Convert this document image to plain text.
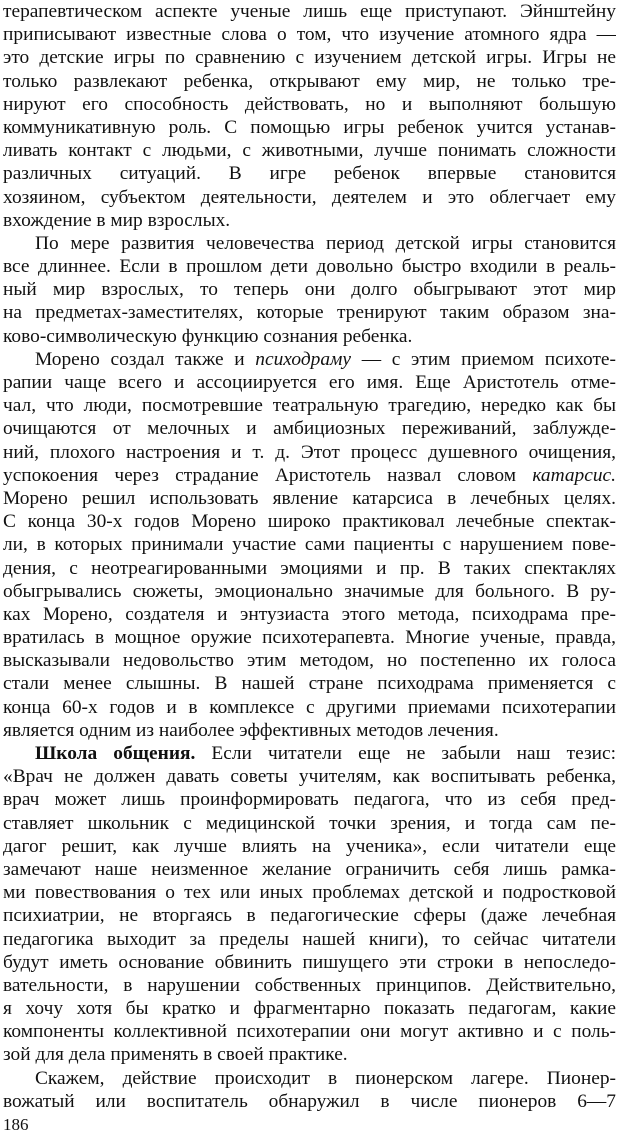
терапевтическом аспекте ученые лишь еще приступают. Эйнштейну
приписывают известные слова о том, что изучение атомного ядра —
это детские игры по сравнению с изучением детской игры. Игры не
только развлекают ребенка, открывают ему мир, не только тре-
нируют его способность действовать, но и выполняют большую
коммуникативную роль. С помощью игры ребенок учится устанав-
ливать контакт с людьми, с животными, лучше понимать сложности
различных ситуаций. В игре ребенок впервые становится
хозяином, субъектом деятельности, деятелем и это облегчает ему
вхождение в мир взрослых.
По мере развития человечества период детской игры становится
все длиннее. Если в прошлом дети довольно быстро входили в реаль-
ный мир взрослых, то теперь они долго обыгрывают этот мир
на предметах-заместителях, которые тренируют таким образом зна-
ково-символическую функцию сознания ребенка.
Морено создал также и психодраму — с этим приемом психоте-
рапии чаще всего и ассоциируется его имя. Еще Аристотель отме-
чал, что люди, посмотревшие театральную трагедию, нередко как бы
очищаются от мелочных и амбициозных переживаний, заблужде-
ний, плохого настроения и т. д. Этот процесс душевного очищения,
успокоения через страдание Аристотель назвал словом катарсис.
Морено решил использовать явление катарсиса в лечебных целях.
С конца 30-х годов Морено широко практиковал лечебные спектак-
ли, в которых принимали участие сами пациенты с нарушением пове-
дения, с неотреагированными эмоциями и пр. В таких спектаклях
обыгрывались сюжеты, эмоционально значимые для больного. В ру-
ках Морено, создателя и энтузиаста этого метода, психодрама пре-
вратилась в мощное оружие психотерапевта. Многие ученые, правда,
высказывали недовольство этим методом, но постепенно их голоса
стали менее слышны. В нашей стране психодрама применяется с
конца 60-х годов и в комплексе с другими приемами психотерапии
является одним из наиболее эффективных методов лечения.
Школа общения. Если читатели еще не забыли наш тезис:
«Врач не должен давать советы учителям, как воспитывать ребенка,
врач может лишь проинформировать педагога, что из себя пред-
ставляет школьник с медицинской точки зрения, и тогда сам пе-
дагог решит, как лучше влиять на ученика», если читатели еще
замечают наше неизменное желание ограничить себя лишь рамка-
ми повествования о тех или иных проблемах детской и подростковой
психиатрии, не вторгаясь в педагогические сферы (даже лечебная
педагогика выходит за пределы нашей книги), то сейчас читатели
будут иметь основание обвинить пишущего эти строки в непоследо-
вательности, в нарушении собственных принципов. Действительно,
я хочу хотя бы кратко и фрагментарно показать педагогам, какие
компоненты коллективной психотерапии они могут активно и с поль-
зой для дела применять в своей практике.
Скажем, действие происходит в пионерском лагере. Пионер-
вожатый или воспитатель обнаружил в числе пионеров 6—7
186
